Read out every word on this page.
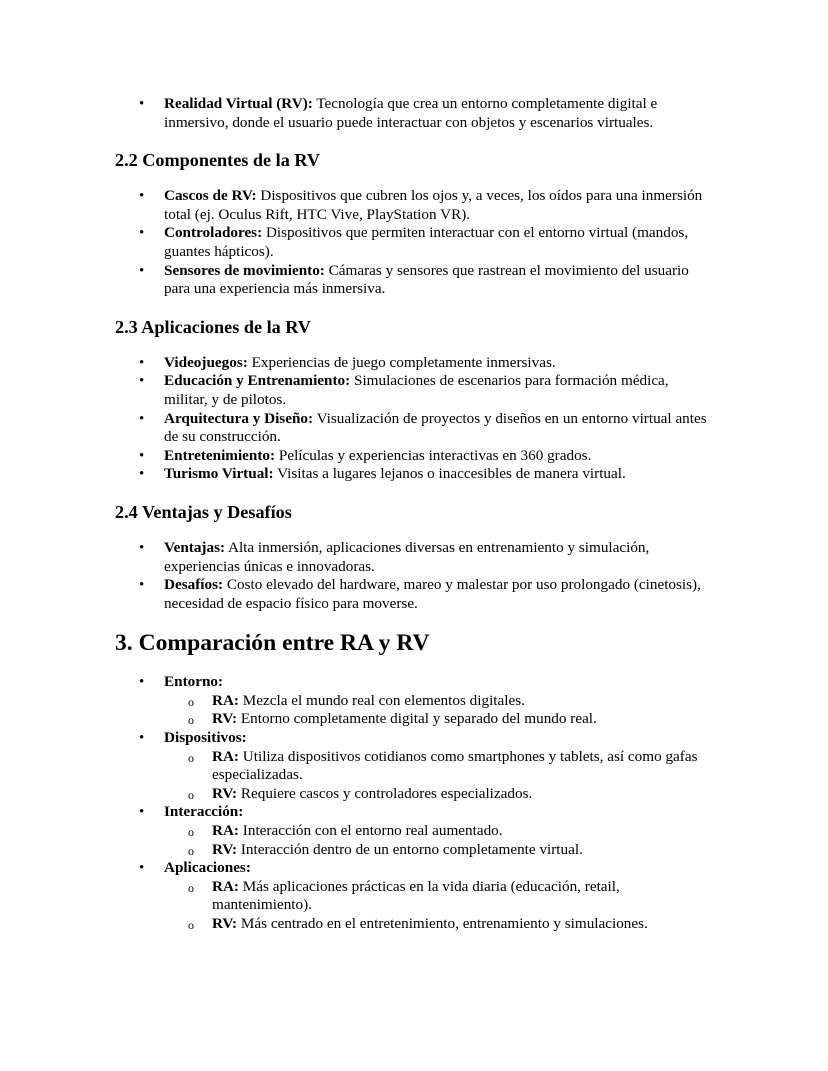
• Realidad Virtual (RV): Tecnología que crea un entorno completamente digital e inmersivo, donde el usuario puede interactuar con objetos y escenarios virtuales.
2.2 Componentes de la RV
• Cascos de RV: Dispositivos que cubren los ojos y, a veces, los oídos para una inmersión total (ej. Oculus Rift, HTC Vive, PlayStation VR).
• Controladores: Dispositivos que permiten interactuar con el entorno virtual (mandos, guantes hápticos).
• Sensores de movimiento: Cámaras y sensores que rastrean el movimiento del usuario para una experiencia más inmersiva.
2.3 Aplicaciones de la RV
• Videojuegos: Experiencias de juego completamente inmersivas.
• Educación y Entrenamiento: Simulaciones de escenarios para formación médica, militar, y de pilotos.
• Arquitectura y Diseño: Visualización de proyectos y diseños en un entorno virtual antes de su construcción.
• Entretenimiento: Películas y experiencias interactivas en 360 grados.
• Turismo Virtual: Visitas a lugares lejanos o inaccesibles de manera virtual.
2.4 Ventajas y Desafíos
• Ventajas: Alta inmersión, aplicaciones diversas en entrenamiento y simulación, experiencias únicas e innovadoras.
• Desafíos: Costo elevado del hardware, mareo y malestar por uso prolongado (cinetosis), necesidad de espacio físico para moverse.
3. Comparación entre RA y RV
• Entorno:
o RA: Mezcla el mundo real con elementos digitales.
o RV: Entorno completamente digital y separado del mundo real.
• Dispositivos:
o RA: Utiliza dispositivos cotidianos como smartphones y tablets, así como gafas especializadas.
o RV: Requiere cascos y controladores especializados.
• Interacción:
o RA: Interacción con el entorno real aumentado.
o RV: Interacción dentro de un entorno completamente virtual.
• Aplicaciones:
o RA: Más aplicaciones prácticas en la vida diaria (educación, retail, mantenimiento).
o RV: Más centrado en el entretenimiento, entrenamiento y simulaciones.
